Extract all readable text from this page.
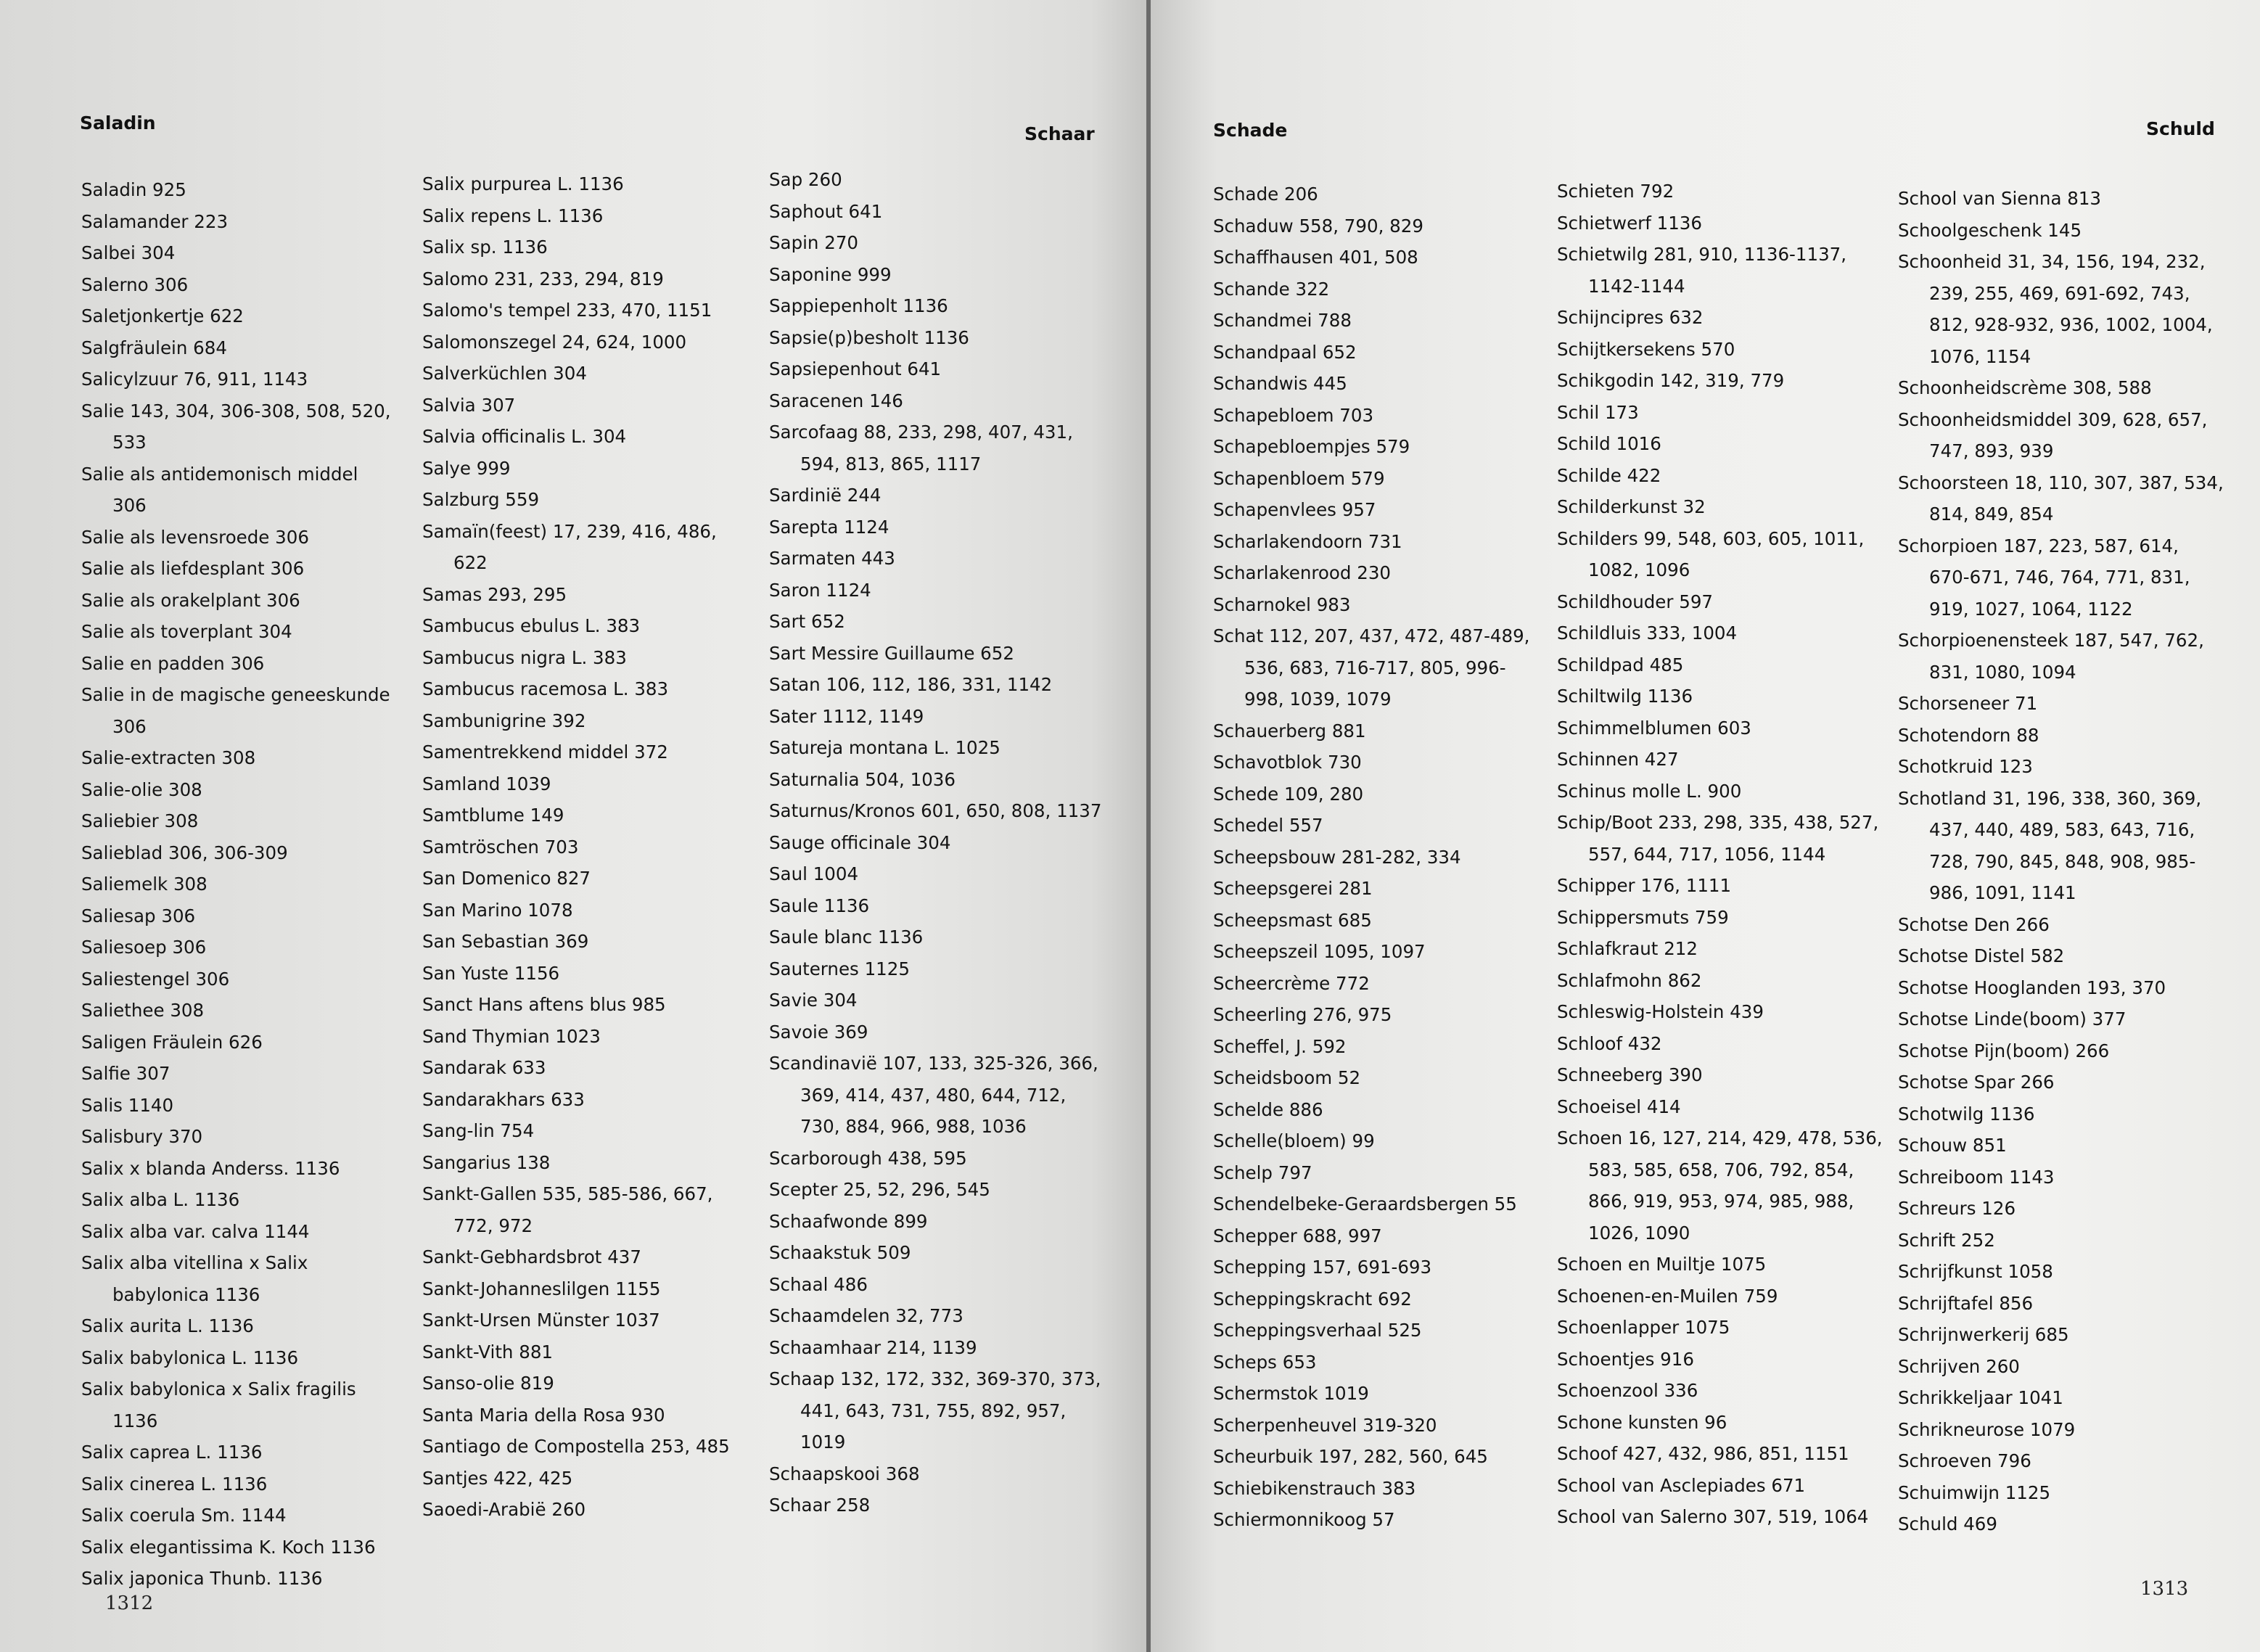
Saladin
Schaar
Saladin 925
Salamander 223
Salbei 304
Salerno 306
Saletjonkertje 622
Salgfräulein 684
Salicylzuur 76, 911, 1143
Salie 143, 304, 306-308, 508, 520, 533
Salie als antidemonisch middel 306
Salie als levensroede 306
Salie als liefdesplant 306
Salie als orakelplant 306
Salie als toverplant 304
Salie en padden 306
Salie in de magische geneeskunde 306
Salie-extracten 308
Salie-olie 308
Saliebier 308
Salieblad 306, 306-309
Saliemelk 308
Saliesap 306
Saliesoep 306
Saliestengel 306
Saliethee 308
Saligen Fräulein 626
Salfie 307
Salis 1140
Salisbury 370
Salix x blanda Anderss. 1136
Salix alba L. 1136
Salix alba var. calva 1144
Salix alba vitellina x Salix babylonica 1136
Salix aurita L. 1136
Salix babylonica L. 1136
Salix babylonica x Salix fragilis 1136
Salix caprea L. 1136
Salix cinerea L. 1136
Salix coerula Sm. 1144
Salix elegantissima K. Koch 1136
Salix japonica Thunb. 1136
Salix purpurea L. 1136
Salix repens L. 1136
Salix sp. 1136
Salomo 231, 233, 294, 819
Salomo's tempel 233, 470, 1151
Salomonszegel 24, 624, 1000
Salverküchlen 304
Salvia 307
Salvia officinalis L. 304
Salye 999
Salzburg 559
Samaïn(feest) 17, 239, 416, 486, 622
Samas 293, 295
Sambucus ebulus L. 383
Sambucus nigra L. 383
Sambucus racemosa L. 383
Sambunigrine 392
Samentrekkend middel 372
Samland 1039
Samtblume 149
Samtröschen 703
San Domenico 827
San Marino 1078
San Sebastian 369
San Yuste 1156
Sanct Hans aftens blus 985
Sand Thymian 1023
Sandarak 633
Sandarakhars 633
Sang-lin 754
Sangarius 138
Sankt-Gallen 535, 585-586, 667, 772, 972
Sankt-Gebhardsbrot 437
Sankt-Johanneslilgen 1155
Sankt-Ursen Münster 1037
Sankt-Vith 881
Sanso-olie 819
Santa Maria della Rosa 930
Santiago de Compostella 253, 485
Santjes 422, 425
Saoedi-Arabië 260
Sap 260
Saphout 641
Sapin 270
Saponine 999
Sappiepenholt 1136
Sapsie(p)besholt 1136
Sapsiepenhout 641
Saracenen 146
Sarcofaag 88, 233, 298, 407, 431, 594, 813, 865, 1117
Sardinië 244
Sarepta 1124
Sarmaten 443
Saron 1124
Sart 652
Sart Messire Guillaume 652
Satan 106, 112, 186, 331, 1142
Sater 1112, 1149
Satureja montana L. 1025
Saturnalia 504, 1036
Saturnus/Kronos 601, 650, 808, 1137
Sauge officinale 304
Saul 1004
Saule 1136
Saule blanc 1136
Sauternes 1125
Savie 304
Savoie 369
Scandinavië 107, 133, 325-326, 366, 369, 414, 437, 480, 644, 712, 730, 884, 966, 988, 1036
Scarborough 438, 595
Scepter 25, 52, 296, 545
Schaafwonde 899
Schaakstuk 509
Schaal 486
Schaamdelen 32, 773
Schaamhaar 214, 1139
Schaap 132, 172, 332, 369-370, 373, 441, 643, 731, 755, 892, 957, 1019
Schaapskooi 368
Schaar 258
1312
Schade	Schuld
Schade 206
Schaduw 558, 790, 829
Schaffhausen 401, 508
Schande 322
Schandmei 788
Schandpaal 652
Schandwis 445
Schapebloem 703
Schapebloempjes 579
Schapenbloem 579
Schapenvlees 957
Scharlakendoorn 731
Scharlakenrood 230
Scharnokel 983
Schat 112, 207, 437, 472, 487-489, 536, 683, 716-717, 805, 996-998, 1039, 1079
Schauerberg 881
Schavotblok 730
Schede 109, 280
Schedel 557
Scheepsbouw 281-282, 334
Scheepsgerei 281
Scheepsmast 685
Scheepszeil 1095, 1097
Scheercrème 772
Scheerling 276, 975
Scheffel, J. 592
Scheidsboom 52
Schelde 886
Schelle(bloem) 99
Schelp 797
Schendelbeke-Geraardsbergen 55
Schepper 688, 997
Schepping 157, 691-693
Scheppingskracht 692
Scheppingsverhaal 525
Scheps 653
Schermstok 1019
Scherpenheuvel 319-320
Scheurbuik 197, 282, 560, 645
Schiebikenstrauch 383
Schiermonnikoog 57
Schieten 792
Schietwerf 1136
Schietwilg 281, 910, 1136-1137, 1142-1144
Schijncipres 632
Schijtkersekens 570
Schikgodin 142, 319, 779
Schil 173
Schild 1016
Schilde 422
Schilderkunst 32
Schilders 99, 548, 603, 605, 1011, 1082, 1096
Schildhouder 597
Schildluis 333, 1004
Schildpad 485
Schiltwilg 1136
Schimmelblumen 603
Schinnen 427
Schinus molle L. 900
Schip/Boot 233, 298, 335, 438, 527, 557, 644, 717, 1056, 1144
Schipper 176, 1111
Schippersmuts 759
Schlafkraut 212
Schlafmohn 862
Schleswig-Holstein 439
Schloof 432
Schneeberg 390
Schoeisel 414
Schoen 16, 127, 214, 429, 478, 536, 583, 585, 658, 706, 792, 854, 866, 919, 953, 974, 985, 988, 1026, 1090
Schoen en Muiltje 1075
Schoenen-en-Muilen 759
Schoenlapper 1075
Schoentjes 916
Schoenzool 336
Schone kunsten 96
Schoof 427, 432, 986, 851, 1151
School van Asclepiades 671
School van Salerno 307, 519, 1064
School van Sienna 813
Schoolgeschenk 145
Schoonheid 31, 34, 156, 194, 232, 239, 255, 469, 691-692, 743, 812, 928-932, 936, 1002, 1004, 1076, 1154
Schoonheidscrème 308, 588
Schoonheidsmiddel 309, 628, 657, 747, 893, 939
Schoorsteen 18, 110, 307, 387, 534, 814, 849, 854
Schorpioen 187, 223, 587, 614, 670-671, 746, 764, 771, 831, 919, 1027, 1064, 1122
Schorpioenensteek 187, 547, 762, 831, 1080, 1094
Schorseneer 71
Schotendorn 88
Schotkruid 123
Schotland 31, 196, 338, 360, 369, 437, 440, 489, 583, 643, 716, 728, 790, 845, 848, 908, 985-986, 1091, 1141
Schotse Den 266
Schotse Distel 582
Schotse Hooglanden 193, 370
Schotse Linde(boom) 377
Schotse Pijn(boom) 266
Schotse Spar 266
Schotwilg 1136
Schouw 851
Schreiboom 1143
Schreurs 126
Schrift 252
Schrijfkunst 1058
Schrijftafel 856
Schrijnwerkerij 685
Schrijven 260
Schrikkeljaar 1041
Schrikneurose 1079
Schroeven 796
Schuimwijn 1125
Schuld 469
1313
